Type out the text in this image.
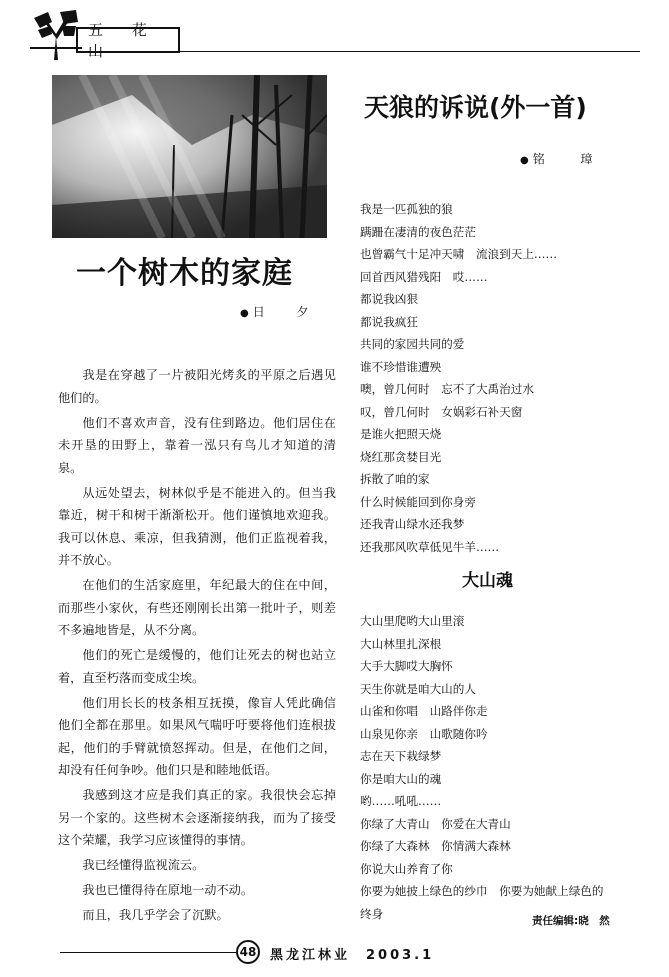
五 花 山
一个树木的家庭
● 日 夕

我是在穿越了一片被阳光烤炙的平原之后遇见他们的。

他们不喜欢声音，没有住到路边。他们居住在未开垦的田野上，靠着一泓只有鸟儿才知道的清泉。

从远处望去，树林似乎是不能进入的。但当我靠近，树干和树干渐渐松开。他们谨慎地欢迎我。我可以休息、乘凉，但我猜测，他们正监视着我，并不放心。

在他们的生活家庭里，年纪最大的住在中间，而那些小家伙，有些还刚刚长出第一批叶子，则差不多遍地皆是，从不分离。

他们的死亡是缓慢的，他们让死去的树也站立着，直至朽落而变成尘埃。

他们用长长的枝条相互抚摸，像盲人凭此确信他们全都在那里。如果风气喘吁吁要将他们连根拔起，他们的手臂就愤怒挥动。但是，在他们之间，却没有任何争吵。他们只是和睦地低语。

我感到这才应是我们真正的家。我很快会忘掉另一个家的。这些树木会逐渐接纳我，而为了接受这个荣耀，我学习应该懂得的事情。

我已经懂得监视流云。

我也已懂得待在原地一动不动。

而且，我几乎学会了沉默。

天狼的诉说(外一首)
● 铭 璋
我是一匹孤独的狼
蹒跚在凄清的夜色茫茫
也曾霸气十足冲天啸　流浪到天上……
回首西风猎残阳　哎……
都说我凶狠
都说我疯狂
共同的家园共同的爱
谁不珍惜谁遭殃
噢，曾几何时　忘不了大禹治过水
叹，曾几何时　女娲彩石补天窗
是谁火把照天烧
烧红那贪婪目光
拆散了咱的家
什么时候能回到你身旁
还我青山绿水还我梦
还我那风吹草低见牛羊……
大山魂
大山里爬哟大山里滚
大山林里扎深根
大手大脚哎大胸怀
天生你就是咱大山的人
山雀和你唱　山路伴你走
山泉见你亲　山歌随你吟
志在天下栽绿梦
你是咱大山的魂
哟……吼吼……
你绿了大青山　你爱在大青山
你绿了大森林　你情满大森林
你说大山养育了你
你要为她披上绿色的纱巾　你要为她献上绿色的
终身
责任编辑:晓　然
48 黑龙江林业　2003.1
